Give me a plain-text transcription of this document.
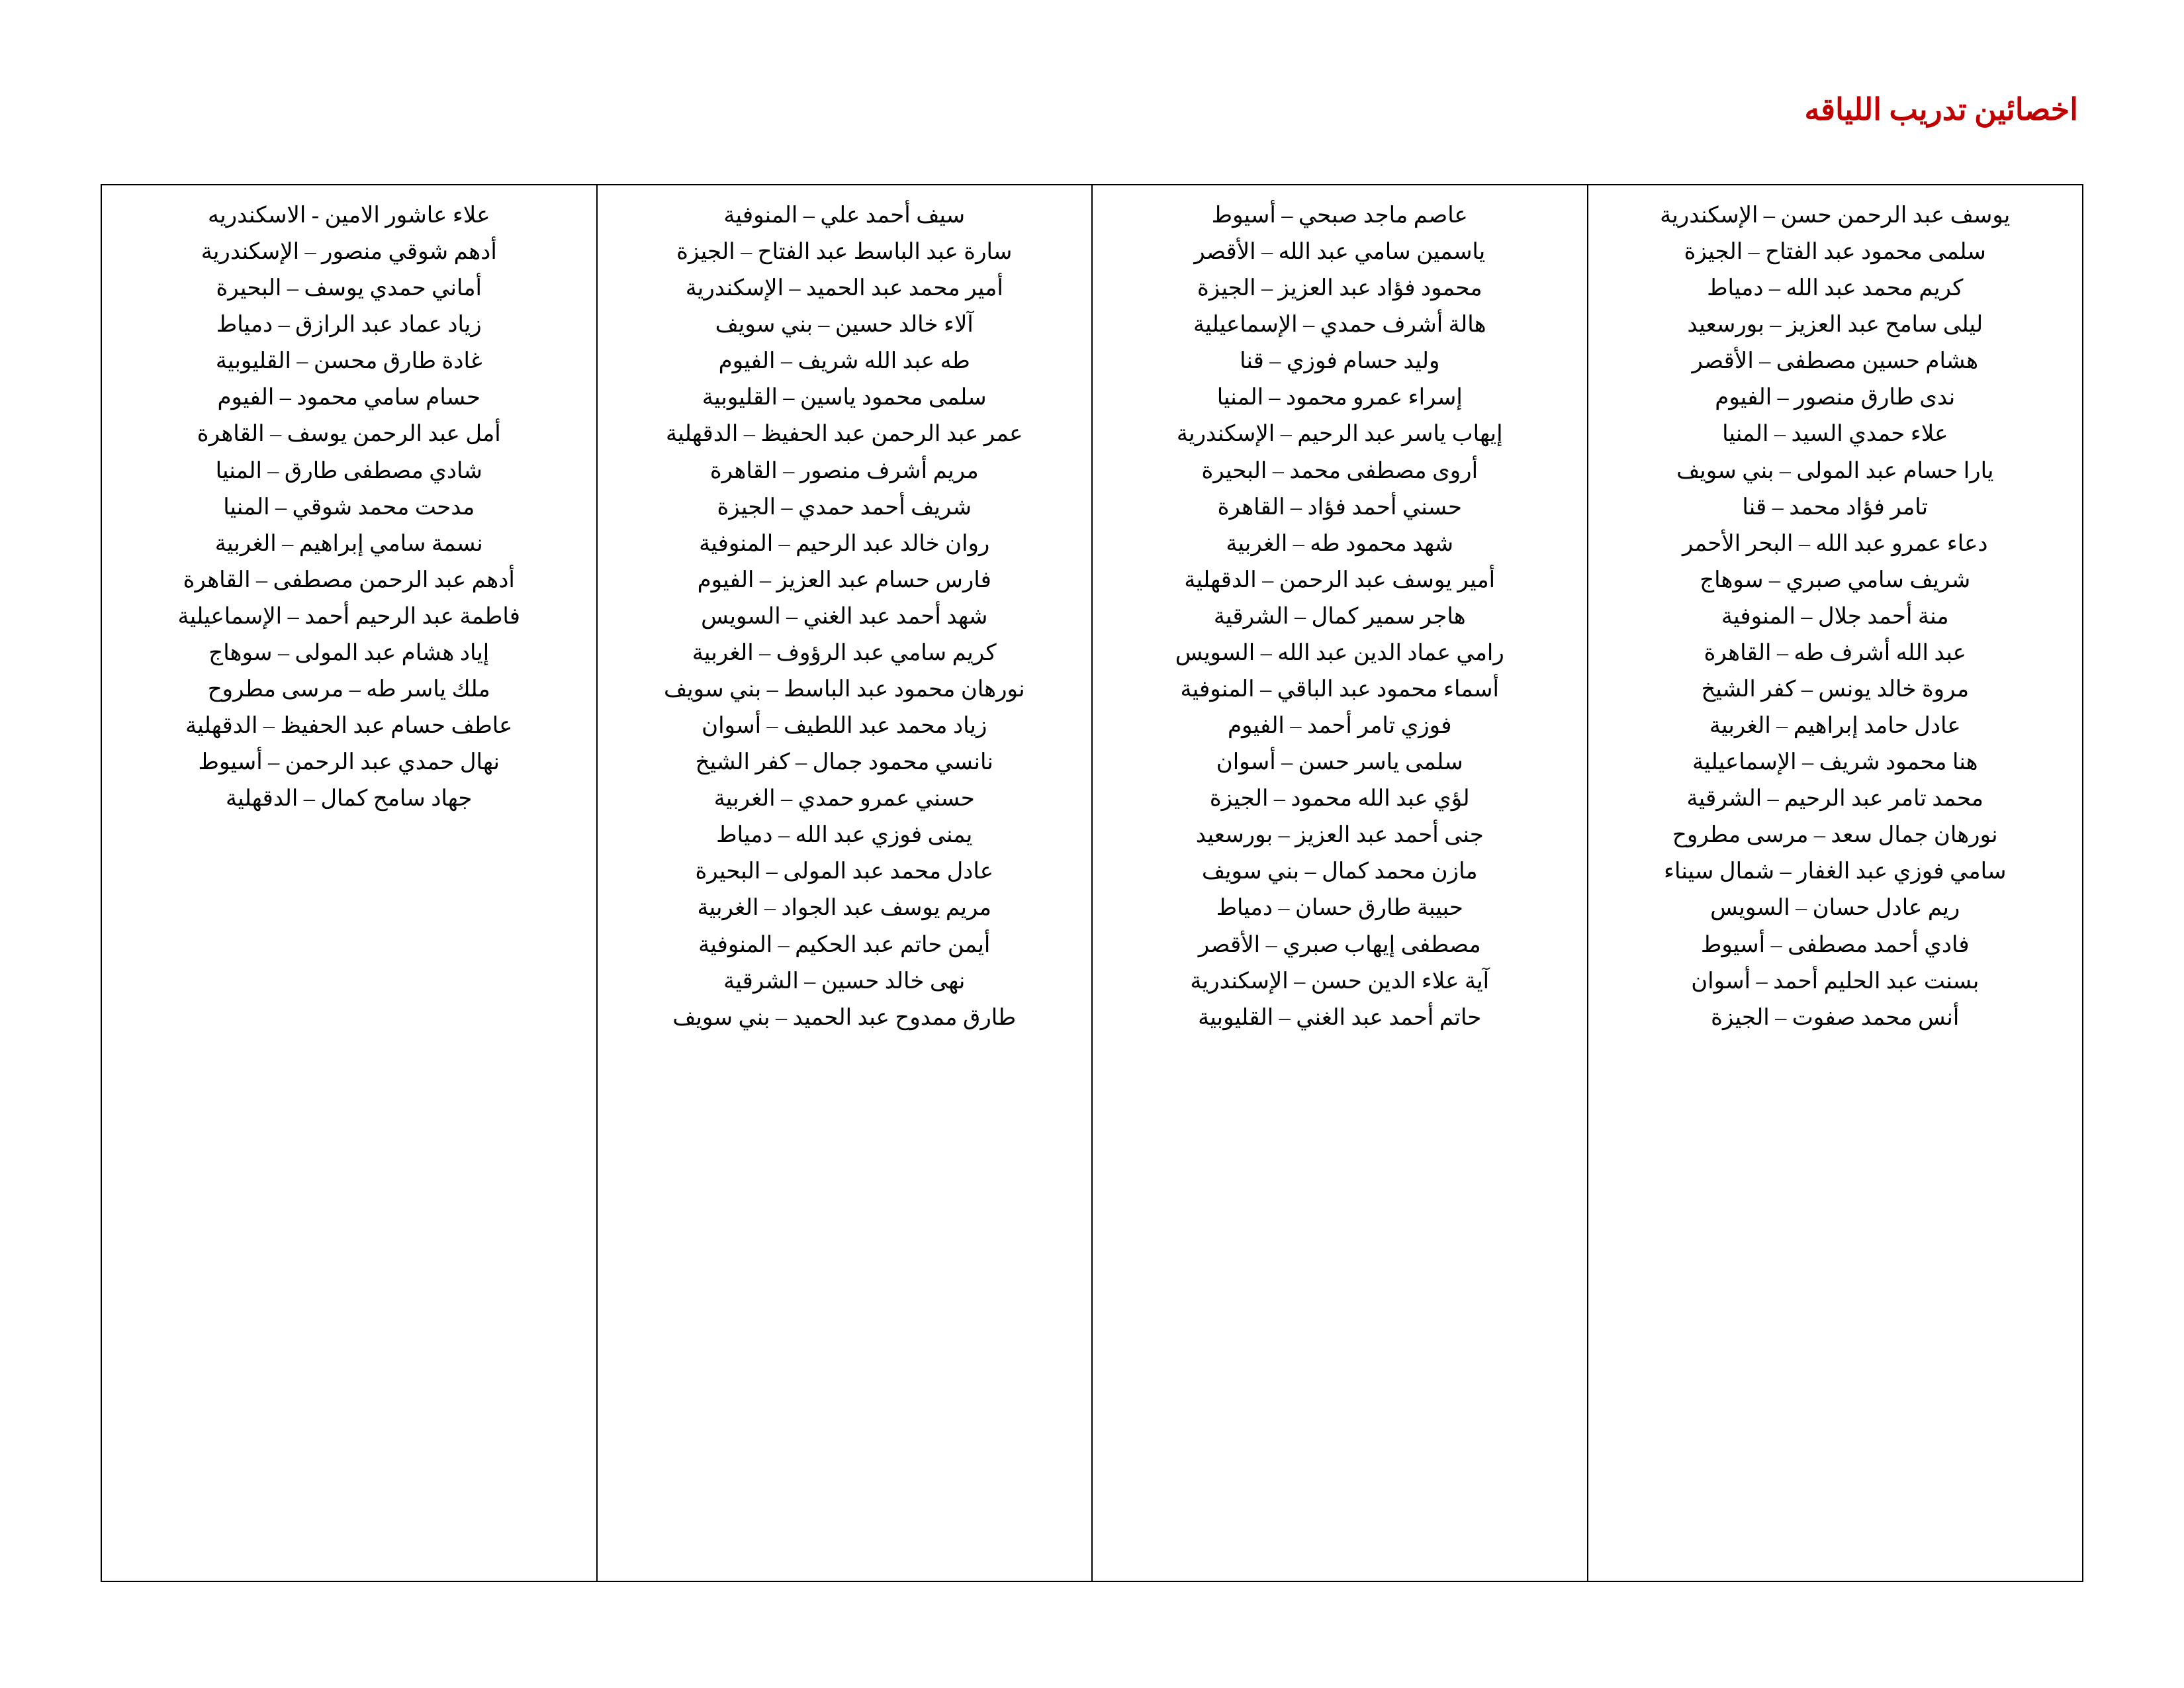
اخصائين تدريب اللياقه
يوسف عبد الرحمن حسن – الإسكندرية
سلمى محمود عبد الفتاح – الجيزة
كريم محمد عبد الله – دمياط
ليلى سامح عبد العزيز – بورسعيد
هشام حسين مصطفى – الأقصر
ندى طارق منصور – الفيوم
علاء حمدي السيد – المنيا
يارا حسام عبد المولى – بني سويف
تامر فؤاد محمد – قنا
دعاء عمرو عبد الله – البحر الأحمر
شريف سامي صبري – سوهاج
منة أحمد جلال – المنوفية
عبد الله أشرف طه – القاهرة
مروة خالد يونس – كفر الشيخ
عادل حامد إبراهيم – الغربية
هنا محمود شريف – الإسماعيلية
محمد تامر عبد الرحيم – الشرقية
نورهان جمال سعد – مرسى مطروح
سامي فوزي عبد الغفار – شمال سيناء
ريم عادل حسان – السويس
فادي أحمد مصطفى – أسيوط
بسنت عبد الحليم أحمد – أسوان
أنس محمد صفوت – الجيزة

عاصم ماجد صبحي – أسيوط
ياسمين سامي عبد الله – الأقصر
محمود فؤاد عبد العزيز – الجيزة
هالة أشرف حمدي – الإسماعيلية
وليد حسام فوزي – قنا
إسراء عمرو محمود – المنيا
إيهاب ياسر عبد الرحيم – الإسكندرية
أروى مصطفى محمد – البحيرة
حسني أحمد فؤاد – القاهرة
شهد محمود طه – الغربية
أمير يوسف عبد الرحمن – الدقهلية
هاجر سمير كمال – الشرقية
رامي عماد الدين عبد الله – السويس
أسماء محمود عبد الباقي – المنوفية
فوزي تامر أحمد – الفيوم
سلمى ياسر حسن – أسوان
لؤي عبد الله محمود – الجيزة
جنى أحمد عبد العزيز – بورسعيد
مازن محمد كمال – بني سويف
حبيبة طارق حسان – دمياط
مصطفى إيهاب صبري – الأقصر
آية علاء الدين حسن – الإسكندرية
حاتم أحمد عبد الغني – القليوبية

سيف أحمد علي – المنوفية
سارة عبد الباسط عبد الفتاح – الجيزة
أمير محمد عبد الحميد – الإسكندرية
آلاء خالد حسين – بني سويف
طه عبد الله شريف – الفيوم
سلمى محمود ياسين – القليوبية
عمر عبد الرحمن عبد الحفيظ – الدقهلية
مريم أشرف منصور – القاهرة
شريف أحمد حمدي – الجيزة
روان خالد عبد الرحيم – المنوفية
فارس حسام عبد العزيز – الفيوم
شهد أحمد عبد الغني – السويس
كريم سامي عبد الرؤوف – الغربية
نورهان محمود عبد الباسط – بني سويف
زياد محمد عبد اللطيف – أسوان
نانسي محمود جمال – كفر الشيخ
حسني عمرو حمدي – الغربية
يمنى فوزي عبد الله – دمياط
عادل محمد عبد المولى – البحيرة
مريم يوسف عبد الجواد – الغربية
أيمن حاتم عبد الحكيم – المنوفية
نهى خالد حسين – الشرقية
طارق ممدوح عبد الحميد – بني سويف

علاء عاشور الامين - الاسكندريه
أدهم شوقي منصور – الإسكندرية
أماني حمدي يوسف – البحيرة
زياد عماد عبد الرازق – دمياط
غادة طارق محسن – القليوبية
حسام سامي محمود – الفيوم
أمل عبد الرحمن يوسف – القاهرة
شادي مصطفى طارق – المنيا
مدحت محمد شوقي – المنيا
نسمة سامي إبراهيم – الغربية
أدهم عبد الرحمن مصطفى – القاهرة
فاطمة عبد الرحيم أحمد – الإسماعيلية
إياد هشام عبد المولى – سوهاج
ملك ياسر طه – مرسى مطروح
عاطف حسام عبد الحفيظ – الدقهلية
نهال حمدي عبد الرحمن – أسيوط
جهاد سامح كمال – الدقهلية
